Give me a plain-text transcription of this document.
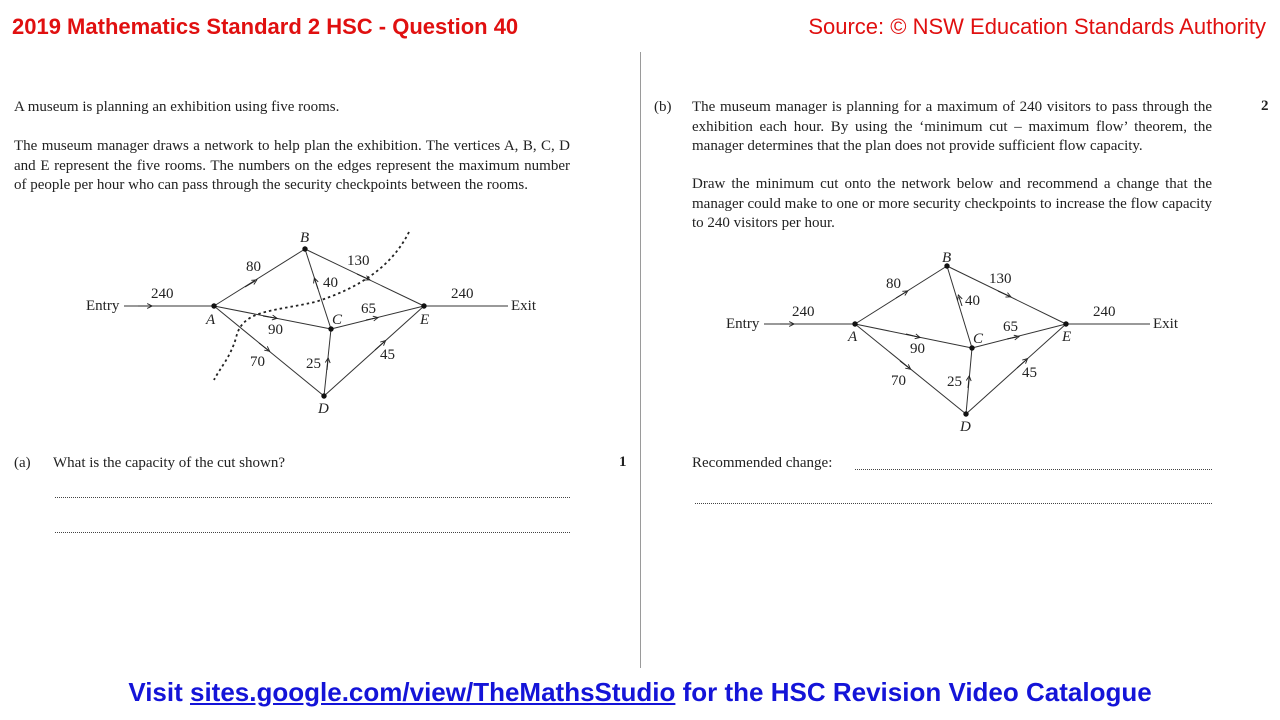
2019 Mathematics Standard 2 HSC - Question 40	Source: © NSW Education Standards Authority
A museum is planning an exhibition using five rooms.
The museum manager draws a network to help plan the exhibition. The vertices A, B, C, D and E represent the five rooms. The numbers on the edges represent the maximum number of people per hour who can pass through the security checkpoints between the rooms.
Entry	Exit
A
B
C
D
E
240
80	130
40
90
65
70	25
45
240
(a) What is the capacity of the cut shown?	1
(b) The museum manager is planning for a maximum of 240 visitors to pass through the exhibition each hour. By using the ‘minimum cut – maximum flow’ theorem, the manager determines that the plan does not provide sufficient flow capacity.
2
Draw the minimum cut onto the network below and recommend a change that the manager could make to one or more security checkpoints to increase the flow capacity to 240 visitors per hour.
Entry	Exit
A
B
C
D
E
240
80	130
40
90
65
70	25
45
240
Recommended change:
Visit sites.google.com/view/TheMathsStudio for the HSC Revision Video Catalogue
